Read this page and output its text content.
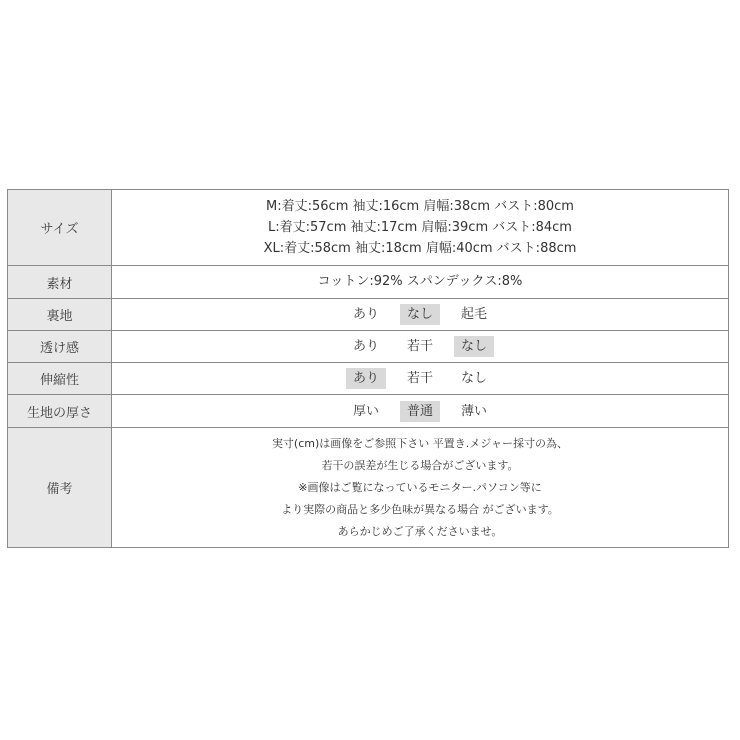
サイズ	M:着丈:56cm 袖丈:16cm 肩幅:38cm バスト:80cm
L:着丈:57cm 袖丈:17cm 肩幅:39cm バスト:84cm
XL:着丈:58cm 袖丈:18cm 肩幅:40cm バスト:88cm

素材	コットン:92% スパンデックス:8%
裏地	あり なし 起毛

透け感	あり 若干 なし

伸縮性	あり 若干 なし

生地の厚さ	厚い 普通 薄い

備考	実寸(cm)は画像をご参照下さい 平置き.メジャー採寸の為、
若干の誤差が生じる場合がございます。
※画像はご覧になっているモニター.パソコン等に
より実際の商品と多少色味が異なる場合 がございます。
あらかじめご了承くださいませ。
